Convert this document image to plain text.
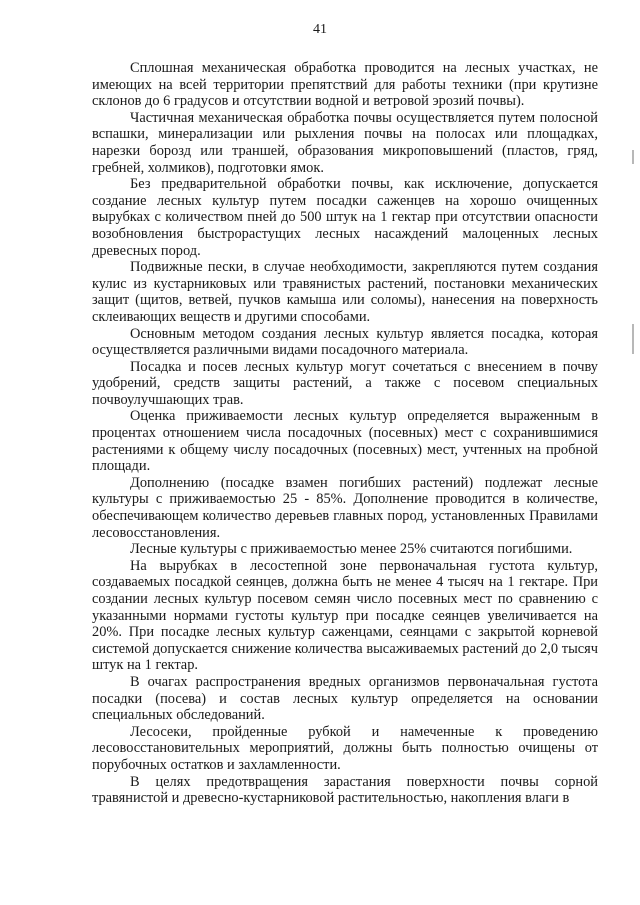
41

Сплошная механическая обработка проводится на лесных участках, не имеющих на всей территории препятствий для работы техники (при крутизне склонов до 6 градусов и отсутствии водной и ветровой эрозий почвы).

Частичная механическая обработка почвы осуществляется путем полосной вспашки, минерализации или рыхления почвы на полосах или площадках, нарезки борозд или траншей, образования микроповышений (пластов, гряд, гребней, холмиков), подготовки ямок.

Без предварительной обработки почвы, как исключение, допускается создание лесных культур путем посадки саженцев на хорошо очищенных вырубках с количеством пней до 500 штук на 1 гектар при отсутствии опасности возобновления быстрорастущих лесных насаждений малоценных лесных древесных пород.

Подвижные пески, в случае необходимости, закрепляются путем создания кулис из кустарниковых или травянистых растений, постановки механических защит (щитов, ветвей, пучков камыша или соломы), нанесения на поверхность склеивающих веществ и другими способами.

Основным методом создания лесных культур является посадка, которая осуществляется различными видами посадочного материала.

Посадка и посев лесных культур могут сочетаться с внесением в почву удобрений, средств защиты растений, а также с посевом специальных почвоулучшающих трав.

Оценка приживаемости лесных культур определяется выраженным в процентах отношением числа посадочных (посевных) мест с сохранившимися растениями к общему числу посадочных (посевных) мест, учтенных на пробной площади.

Дополнению (посадке взамен погибших растений) подлежат лесные культуры с приживаемостью 25 - 85%. Дополнение проводится в количестве, обеспечивающем количество деревьев главных пород, установленных Правилами лесовосстановления.

Лесные культуры с приживаемостью менее 25% считаются погибшими.

На вырубках в лесостепной зоне первоначальная густота культур, создаваемых посадкой сеянцев, должна быть не менее 4 тысяч на 1 гектаре. При создании лесных культур посевом семян число посевных мест по сравнению с указанными нормами густоты культур при посадке сеянцев увеличивается на 20%. При посадке лесных культур саженцами, сеянцами с закрытой корневой системой допускается снижение количества высаживаемых растений до 2,0 тысяч штук на 1 гектар.

В очагах распространения вредных организмов первоначальная густота посадки (посева) и состав лесных культур определяется на основании специальных обследований.

Лесосеки, пройденные рубкой и намеченные к проведению лесовосстановительных мероприятий, должны быть полностью очищены от порубочных остатков и захламленности.

В целях предотвращения зарастания поверхности почвы сорной травянистой и древесно-кустарниковой растительностью, накопления влаги в
